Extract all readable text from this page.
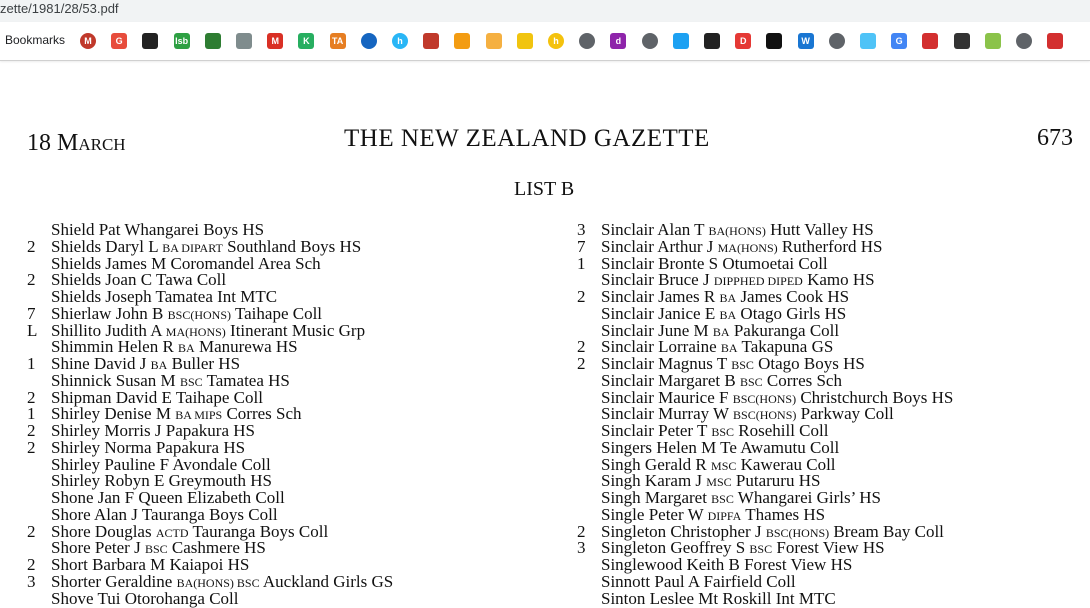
zette/1981/28/53.pdf
Bookmarks	M	G	lsb	M	K	TA	h	h	d	D	W	G
18 March	THE NEW ZEALAND GAZETTE	673
LIST B
Shield Pat Whangarei Boys HS
2 Shields Daryl L BA DIPART Southland Boys HS
Shields James M Coromandel Area Sch
2 Shields Joan C Tawa Coll
Shields Joseph Tamatea Int MTC
7 Shierlaw John B BSC(HONS) Taihape Coll
L Shillito Judith A MA(HONS) Itinerant Music Grp
Shimmin Helen R BA Manurewa HS
1 Shine David J BA Buller HS
Shinnick Susan M BSC Tamatea HS
2 Shipman David E Taihape Coll
1 Shirley Denise M BA MIPS Corres Sch
2 Shirley Morris J Papakura HS
2 Shirley Norma Papakura HS
Shirley Pauline F Avondale Coll
Shirley Robyn E Greymouth HS
Shone Jan F Queen Elizabeth Coll
Shore Alan J Tauranga Boys Coll
2 Shore Douglas ACTD Tauranga Boys Coll
Shore Peter J BSC Cashmere HS
2 Short Barbara M Kaiapoi HS
3 Shorter Geraldine BA(HONS) BSC Auckland Girls GS
Shove Tui Otorohanga Coll
3 Sinclair Alan T BA(HONS) Hutt Valley HS
7 Sinclair Arthur J MA(HONS) Rutherford HS
1 Sinclair Bronte S Otumoetai Coll
Sinclair Bruce J DIPPHED DIPED Kamo HS
2 Sinclair James R BA James Cook HS
Sinclair Janice E BA Otago Girls HS
Sinclair June M BA Pakuranga Coll
2 Sinclair Lorraine BA Takapuna GS
2 Sinclair Magnus T BSC Otago Boys HS
Sinclair Margaret B BSC Corres Sch
Sinclair Maurice F BSC(HONS) Christchurch Boys HS
Sinclair Murray W BSC(HONS) Parkway Coll
Sinclair Peter T BSC Rosehill Coll
Singers Helen M Te Awamutu Coll
Singh Gerald R MSC Kawerau Coll
Singh Karam J MSC Putaruru HS
Singh Margaret BSC Whangarei Girls’ HS
Single Peter W DIPFA Thames HS
2 Singleton Christopher J BSC(HONS) Bream Bay Coll
3 Singleton Geoffrey S BSC Forest View HS
Singlewood Keith B Forest View HS
Sinnott Paul A Fairfield Coll
Sinton Leslee Mt Roskill Int MTC
